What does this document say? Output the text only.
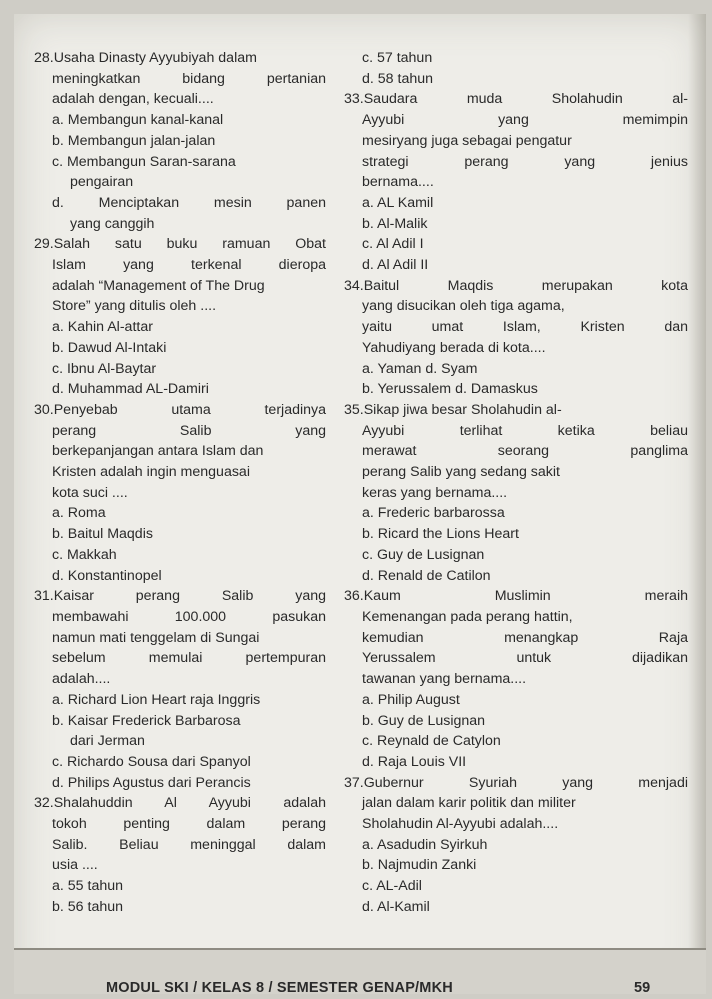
28.Usaha Dinasty Ayyubiyah dalam
meningkatkan bidang pertanian
adalah dengan, kecuali....
a. Membangun kanal-kanal
b. Membangun jalan-jalan
c. Membangun Saran-sarana
pengairan
d. Menciptakan mesin panen
yang canggih
29.Salah satu buku ramuan Obat
Islam yang terkenal dieropa
adalah “Management of The Drug
Store” yang ditulis oleh ....
a. Kahin Al-attar
b. Dawud Al-Intaki
c. Ibnu Al-Baytar
d. Muhammad AL-Damiri
30.Penyebab utama terjadinya
perang Salib yang
berkepanjangan antara Islam dan
Kristen adalah ingin menguasai
kota suci ....
a. Roma
b. Baitul Maqdis
c. Makkah
d. Konstantinopel
31.Kaisar perang Salib yang
membawahi 100.000 pasukan
namun mati tenggelam di Sungai
sebelum memulai pertempuran
adalah....
a. Richard Lion Heart raja Inggris
b. Kaisar Frederick Barbarosa
dari Jerman
c. Richardo Sousa dari Spanyol
d. Philips Agustus dari Perancis
32.Shalahuddin Al Ayyubi adalah
tokoh penting dalam perang
Salib. Beliau meninggal dalam
usia ....
a. 55 tahun
b. 56 tahun
c. 57 tahun
d. 58 tahun
33.Saudara muda Sholahudin al-
Ayyubi yang memimpin
mesiryang juga sebagai pengatur
strategi perang yang jenius
bernama....
a. AL Kamil
b. Al-Malik
c. Al Adil I
d. Al Adil II
34.Baitul Maqdis merupakan kota
yang disucikan oleh tiga agama,
yaitu umat Islam, Kristen dan
Yahudiyang berada di kota....
a. Yaman d. Syam
b. Yerussalem d. Damaskus
35.Sikap jiwa besar Sholahudin al-
Ayyubi terlihat ketika beliau
merawat seorang panglima
perang Salib yang sedang sakit
keras yang bernama....
a. Frederic barbarossa
b. Ricard the Lions Heart
c. Guy de Lusignan
d. Renald de Catilon
36.Kaum Muslimin meraih
Kemenangan pada perang hattin,
kemudian menangkap Raja
Yerussalem untuk dijadikan
tawanan yang bernama....
a. Philip August
b. Guy de Lusignan
c. Reynald de Catylon
d. Raja Louis VII
37.Gubernur Syuriah yang menjadi
jalan dalam karir politik dan militer
Sholahudin Al-Ayyubi adalah....
a. Asadudin Syirkuh
b. Najmudin Zanki
c. AL-Adil
d. Al-Kamil
MODUL SKI / KELAS 8 / SEMESTER GENAP/MKH	59
